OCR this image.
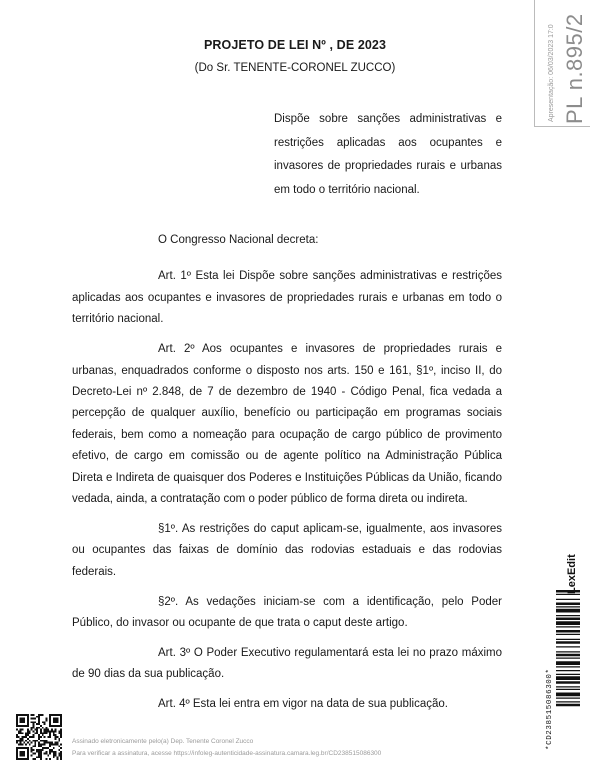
PROJETO DE LEI Nº , DE 2023
(Do Sr. TENENTE-CORONEL ZUCCO)
Dispõe sobre sanções administrativas e restrições aplicadas aos ocupantes e invasores de propriedades rurais e urbanas em todo o território nacional.

O Congresso Nacional decreta:

Art. 1º Esta lei Dispõe sobre sanções administrativas e restrições aplicadas aos ocupantes e invasores de propriedades rurais e urbanas em todo o território nacional.

Art. 2º Aos ocupantes e invasores de propriedades rurais e urbanas, enquadrados conforme o disposto nos arts. 150 e 161, §1º, inciso II, do Decreto-Lei nº 2.848, de 7 de dezembro de 1940 - Código Penal, fica vedada a percepção de qualquer auxílio, benefício ou participação em programas sociais federais, bem como a nomeação para ocupação de cargo público de provimento efetivo, de cargo em comissão ou de agente político na Administração Pública Direta e Indireta de quaisquer dos Poderes e Instituições Públicas da União, ficando vedada, ainda, a contratação com o poder público de forma direta ou indireta.

§1º. As restrições do caput aplicam-se, igualmente, aos invasores ou ocupantes das faixas de domínio das rodovias estaduais e das rodovias federais.

§2º. As vedações iniciam-se com a identificação, pelo Poder Público, do invasor ou ocupante de que trata o caput deste artigo.

Art. 3º O Poder Executivo regulamentará esta lei no prazo máximo de 90 dias da sua publicação.

Art. 4º Esta lei entra em vigor na data de sua publicação.

Apresentação: 06/03/2023 17:0 PL n.895/2
*CD238515086300*
LexEdit
Assinado eletronicamente pelo(a) Dep. Tenente Coronel Zucco
Para verificar a assinatura, acesse https://infoleg-autenticidade-assinatura.camara.leg.br/CD238515086300
